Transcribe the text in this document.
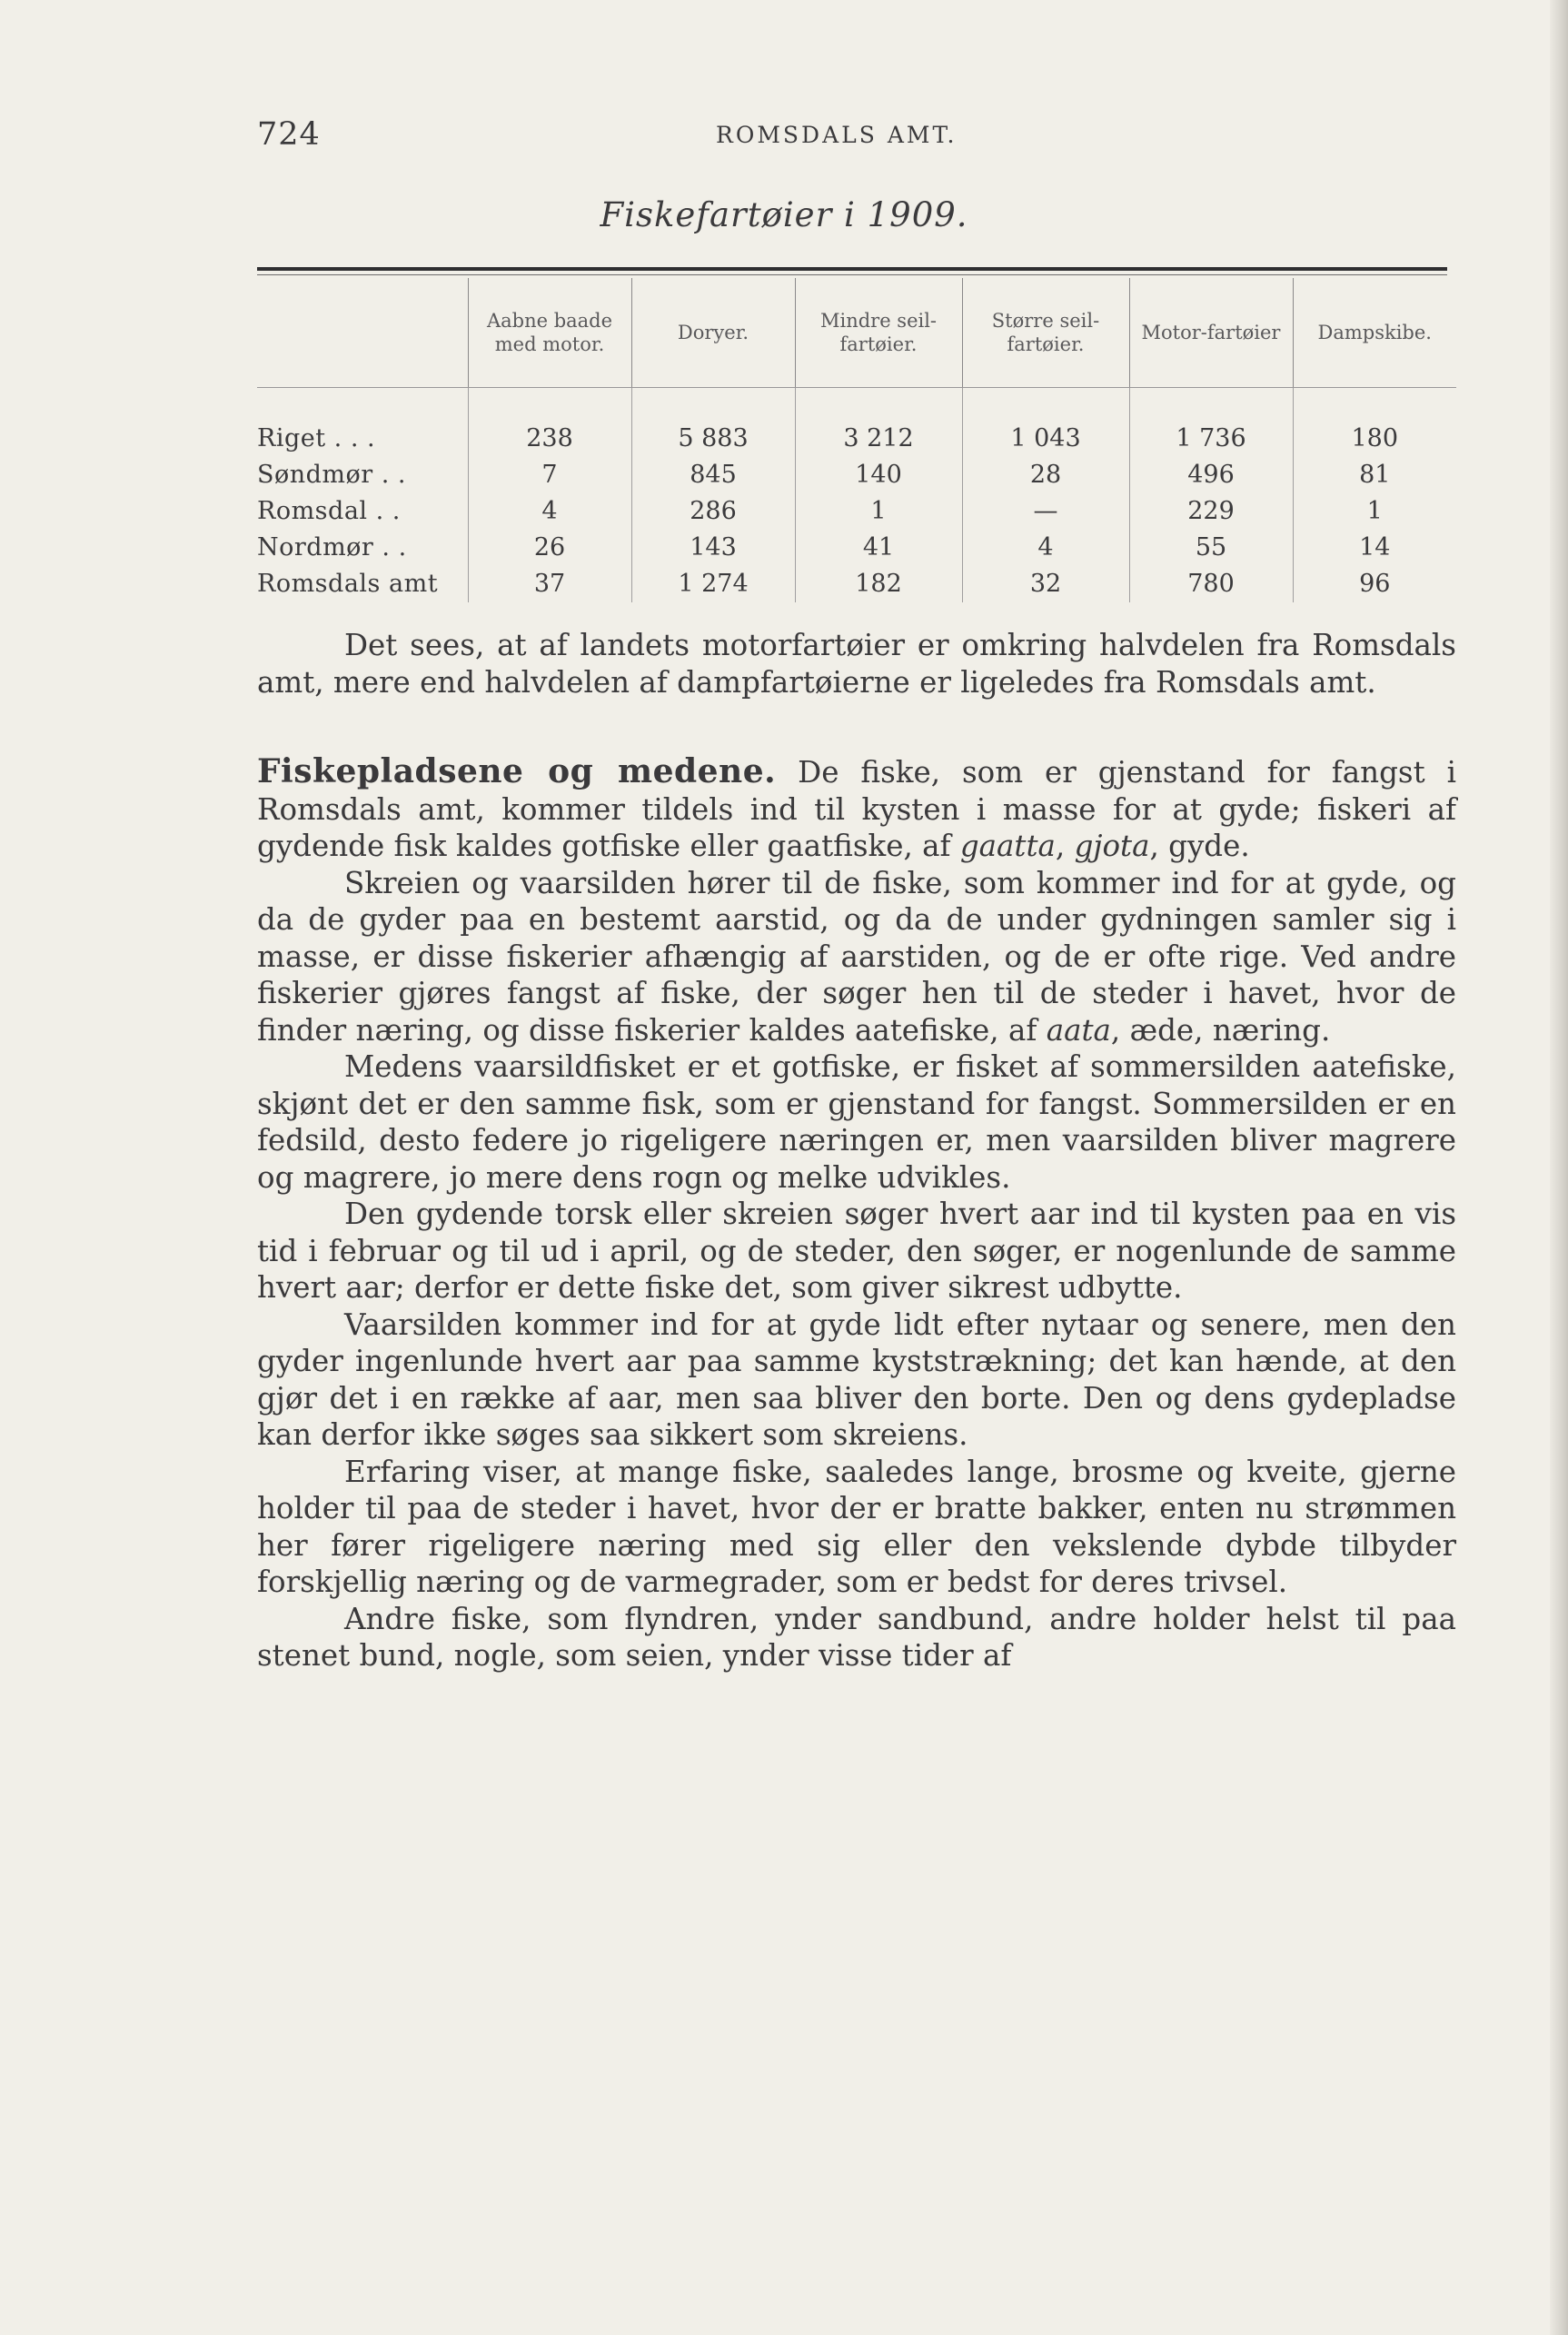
724	ROMSDALS AMT.
Fiskefartøier i 1909.
	Aabne baade med motor.	Doryer.	Mindre seil-fartøier.	Større seil-fartøier.	Motor-fartøier	Dampskibe.
Riget . . .	238	5 883	3 212	1 043	1 736	180
Søndmør . .	7	845	140	28	496	81
Romsdal . .	4	286	1	—	229	1
Nordmør . .	26	143	41	4	55	14
Romsdals amt	37	1 274	182	32	780	96

Det sees, at af landets motorfartøier er omkring halvdelen fra Romsdals amt, mere end halvdelen af dampfartøierne er ligeledes fra Romsdals amt.

Fiskepladsene og medene. De fiske, som er gjenstand for fangst i Romsdals amt, kommer tildels ind til kysten i masse for at gyde; fiskeri af gydende fisk kaldes gotfiske eller gaatfiske, af gaatta, gjota, gyde.

Skreien og vaarsilden hører til de fiske, som kommer ind for at gyde, og da de gyder paa en bestemt aarstid, og da de under gydningen samler sig i masse, er disse fiskerier afhængig af aarstiden, og de er ofte rige. Ved andre fiskerier gjøres fangst af fiske, der søger hen til de steder i havet, hvor de finder næring, og disse fiskerier kaldes aatefiske, af aata, æde, næring.

Medens vaarsildfisket er et gotfiske, er fisket af sommersilden aatefiske, skjønt det er den samme fisk, som er gjenstand for fangst. Sommersilden er en fedsild, desto federe jo rigeligere næringen er, men vaarsilden bliver magrere og magrere, jo mere dens rogn og melke udvikles.

Den gydende torsk eller skreien søger hvert aar ind til kysten paa en vis tid i februar og til ud i april, og de steder, den søger, er nogenlunde de samme hvert aar; derfor er dette fiske det, som giver sikrest udbytte.

Vaarsilden kommer ind for at gyde lidt efter nytaar og senere, men den gyder ingenlunde hvert aar paa samme kyststrækning; det kan hænde, at den gjør det i en række af aar, men saa bliver den borte. Den og dens gydepladse kan derfor ikke søges saa sikkert som skreiens.

Erfaring viser, at mange fiske, saaledes lange, brosme og kveite, gjerne holder til paa de steder i havet, hvor der er bratte bakker, enten nu strømmen her fører rigeligere næring med sig eller den vekslende dybde tilbyder forskjellig næring og de varmegrader, som er bedst for deres trivsel.

Andre fiske, som flyndren, ynder sandbund, andre holder helst til paa stenet bund, nogle, som seien, ynder visse tider af
